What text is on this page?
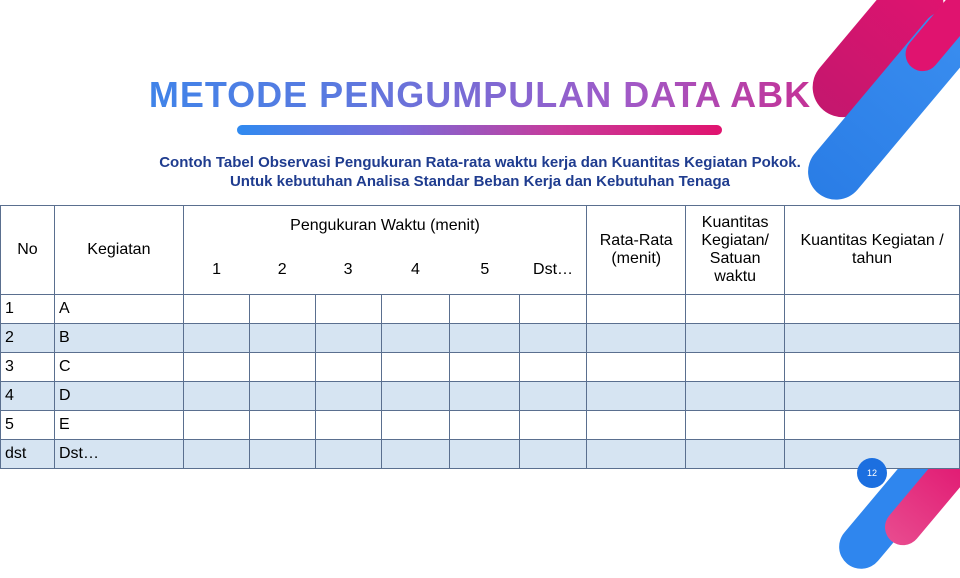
METODE PENGUMPULAN DATA ABK
Contoh Tabel Observasi Pengukuran Rata-rata waktu kerja dan Kuantitas Kegiatan Pokok.
Untuk kebutuhan Analisa Standar Beban Kerja dan Kebutuhan Tenaga
No	Kegiatan	Pengukuran Waktu (menit)						Rata-Rata (menit)	Kuantitas Kegiatan/ Satuan waktu	Kuantitas Kegiatan / tahun
		1	2	3	4	5	Dst…			
1	A									
2	B									
3	C									
4	D									
5	E									
dst	Dst…									
12
